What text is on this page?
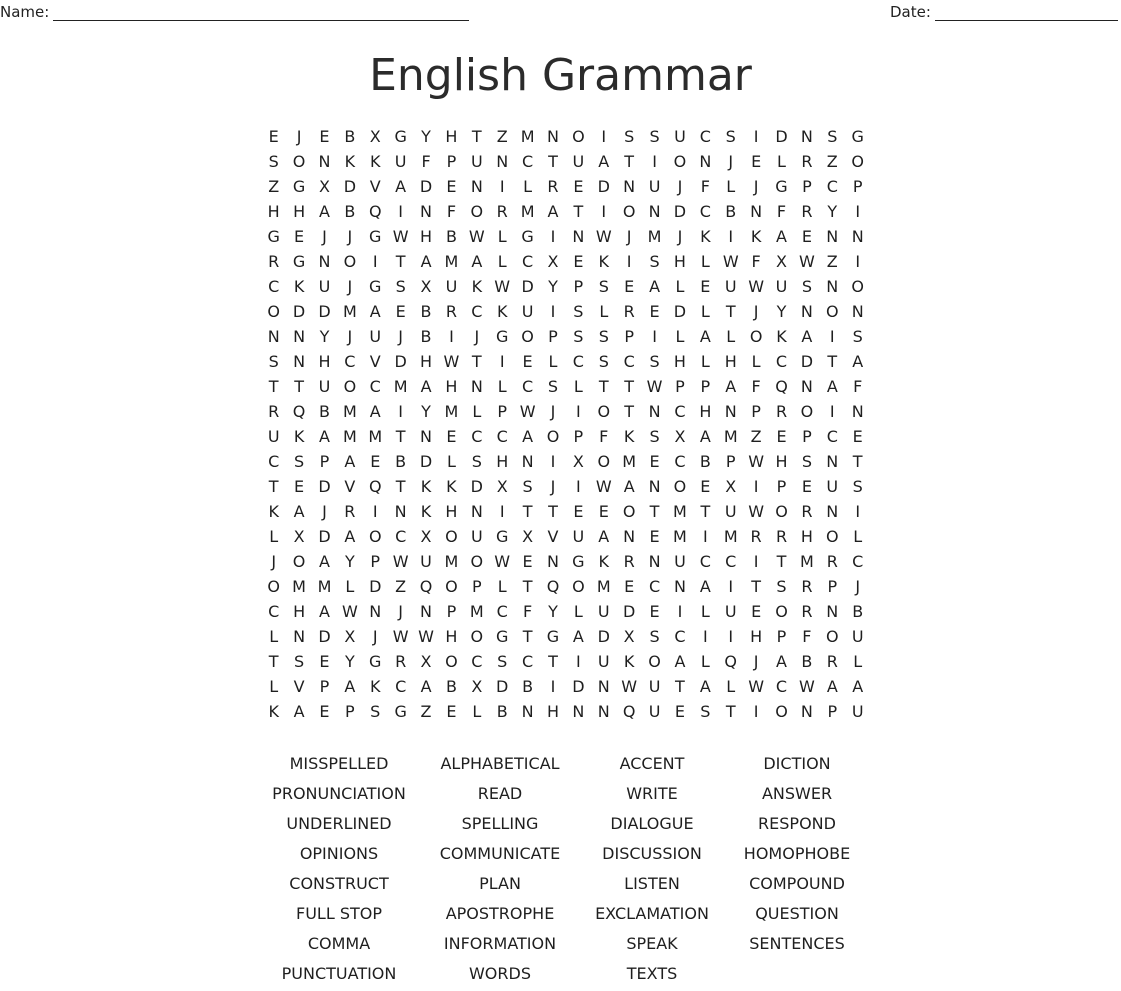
Name:	Date:
English Grammar
E	J	E B X G Y H T Z M N O	I	S S U C S	I	D N S G
S O N K K U F P U N C T U A T	I	O N	J	E L R Z O
Z G X D V A D E N	I	L R E D N U	J	F	L	J	G P C P
H H A B Q	I	N F O R M A T	I	O N D C B N F R Y	I
G E	J	J	G W H B W L G	I	N W J	M	J	K	I	K A E N N
R G N O	I	T A M A L C X E K	I	S H L W F X W Z	I
C K U	J	G S X U K W D Y P S E A L E U W U S N O
O D D M A E B R C K U	I	S L R E D L	T	J	Y N O N
N N Y	J	U	J	B	I	J	G O P S S P	I	L A L O K A	I	S
S N H C V D H W T	I	E L C S C S H L H L C D T A
T T U O C M A H N L C S L	T T W P P A F Q N A F
R Q B M A	I	Y M L	P W J	I	O T N C H N P R O	I	N
U K A M M T N E C C A O P F K S X A M Z E P C E
C S P A E B D L S H N	I	X O M E C B P W H S N T
T E D V Q T K K D X S	J	I W A N O E X	I	P E U S
K A	J	R	I	N K H N	I	T T E E O T M T U W O R N	I
L X D A O C X O U G X V U A N E M	I	M R R H O L
J	O A Y P W U M O W E N G K R N U C C	I	T M R C
O M M L D Z Q O P	L	T Q O M E C N A	I	T S R P	J
C H A W N	J	N P M C F Y	L U D E	I	L U E O R N B
L N D X	J W W H O G T G A D X S C	I	I	H P F O U
T S E Y G R X O C S C T	I	U K O A L Q	J	A B R L
L V P A K C A B X D B	I	D N W U T A L W C W A A
K A E P S G Z E L B N H N N Q U E S T	I	O N P U
MISSPELLED	ALPHABETICAL	ACCENT	DICTION
PRONUNCIATION	READ	WRITE	ANSWER
UNDERLINED	SPELLING	DIALOGUE	RESPOND
OPINIONS	COMMUNICATE	DISCUSSION	HOMOPHOBE
CONSTRUCT	PLAN	LISTEN	COMPOUND
FULL STOP	APOSTROPHE	EXCLAMATION	QUESTION
COMMA	INFORMATION	SPEAK	SENTENCES
PUNCTUATION	WORDS	TEXTS
